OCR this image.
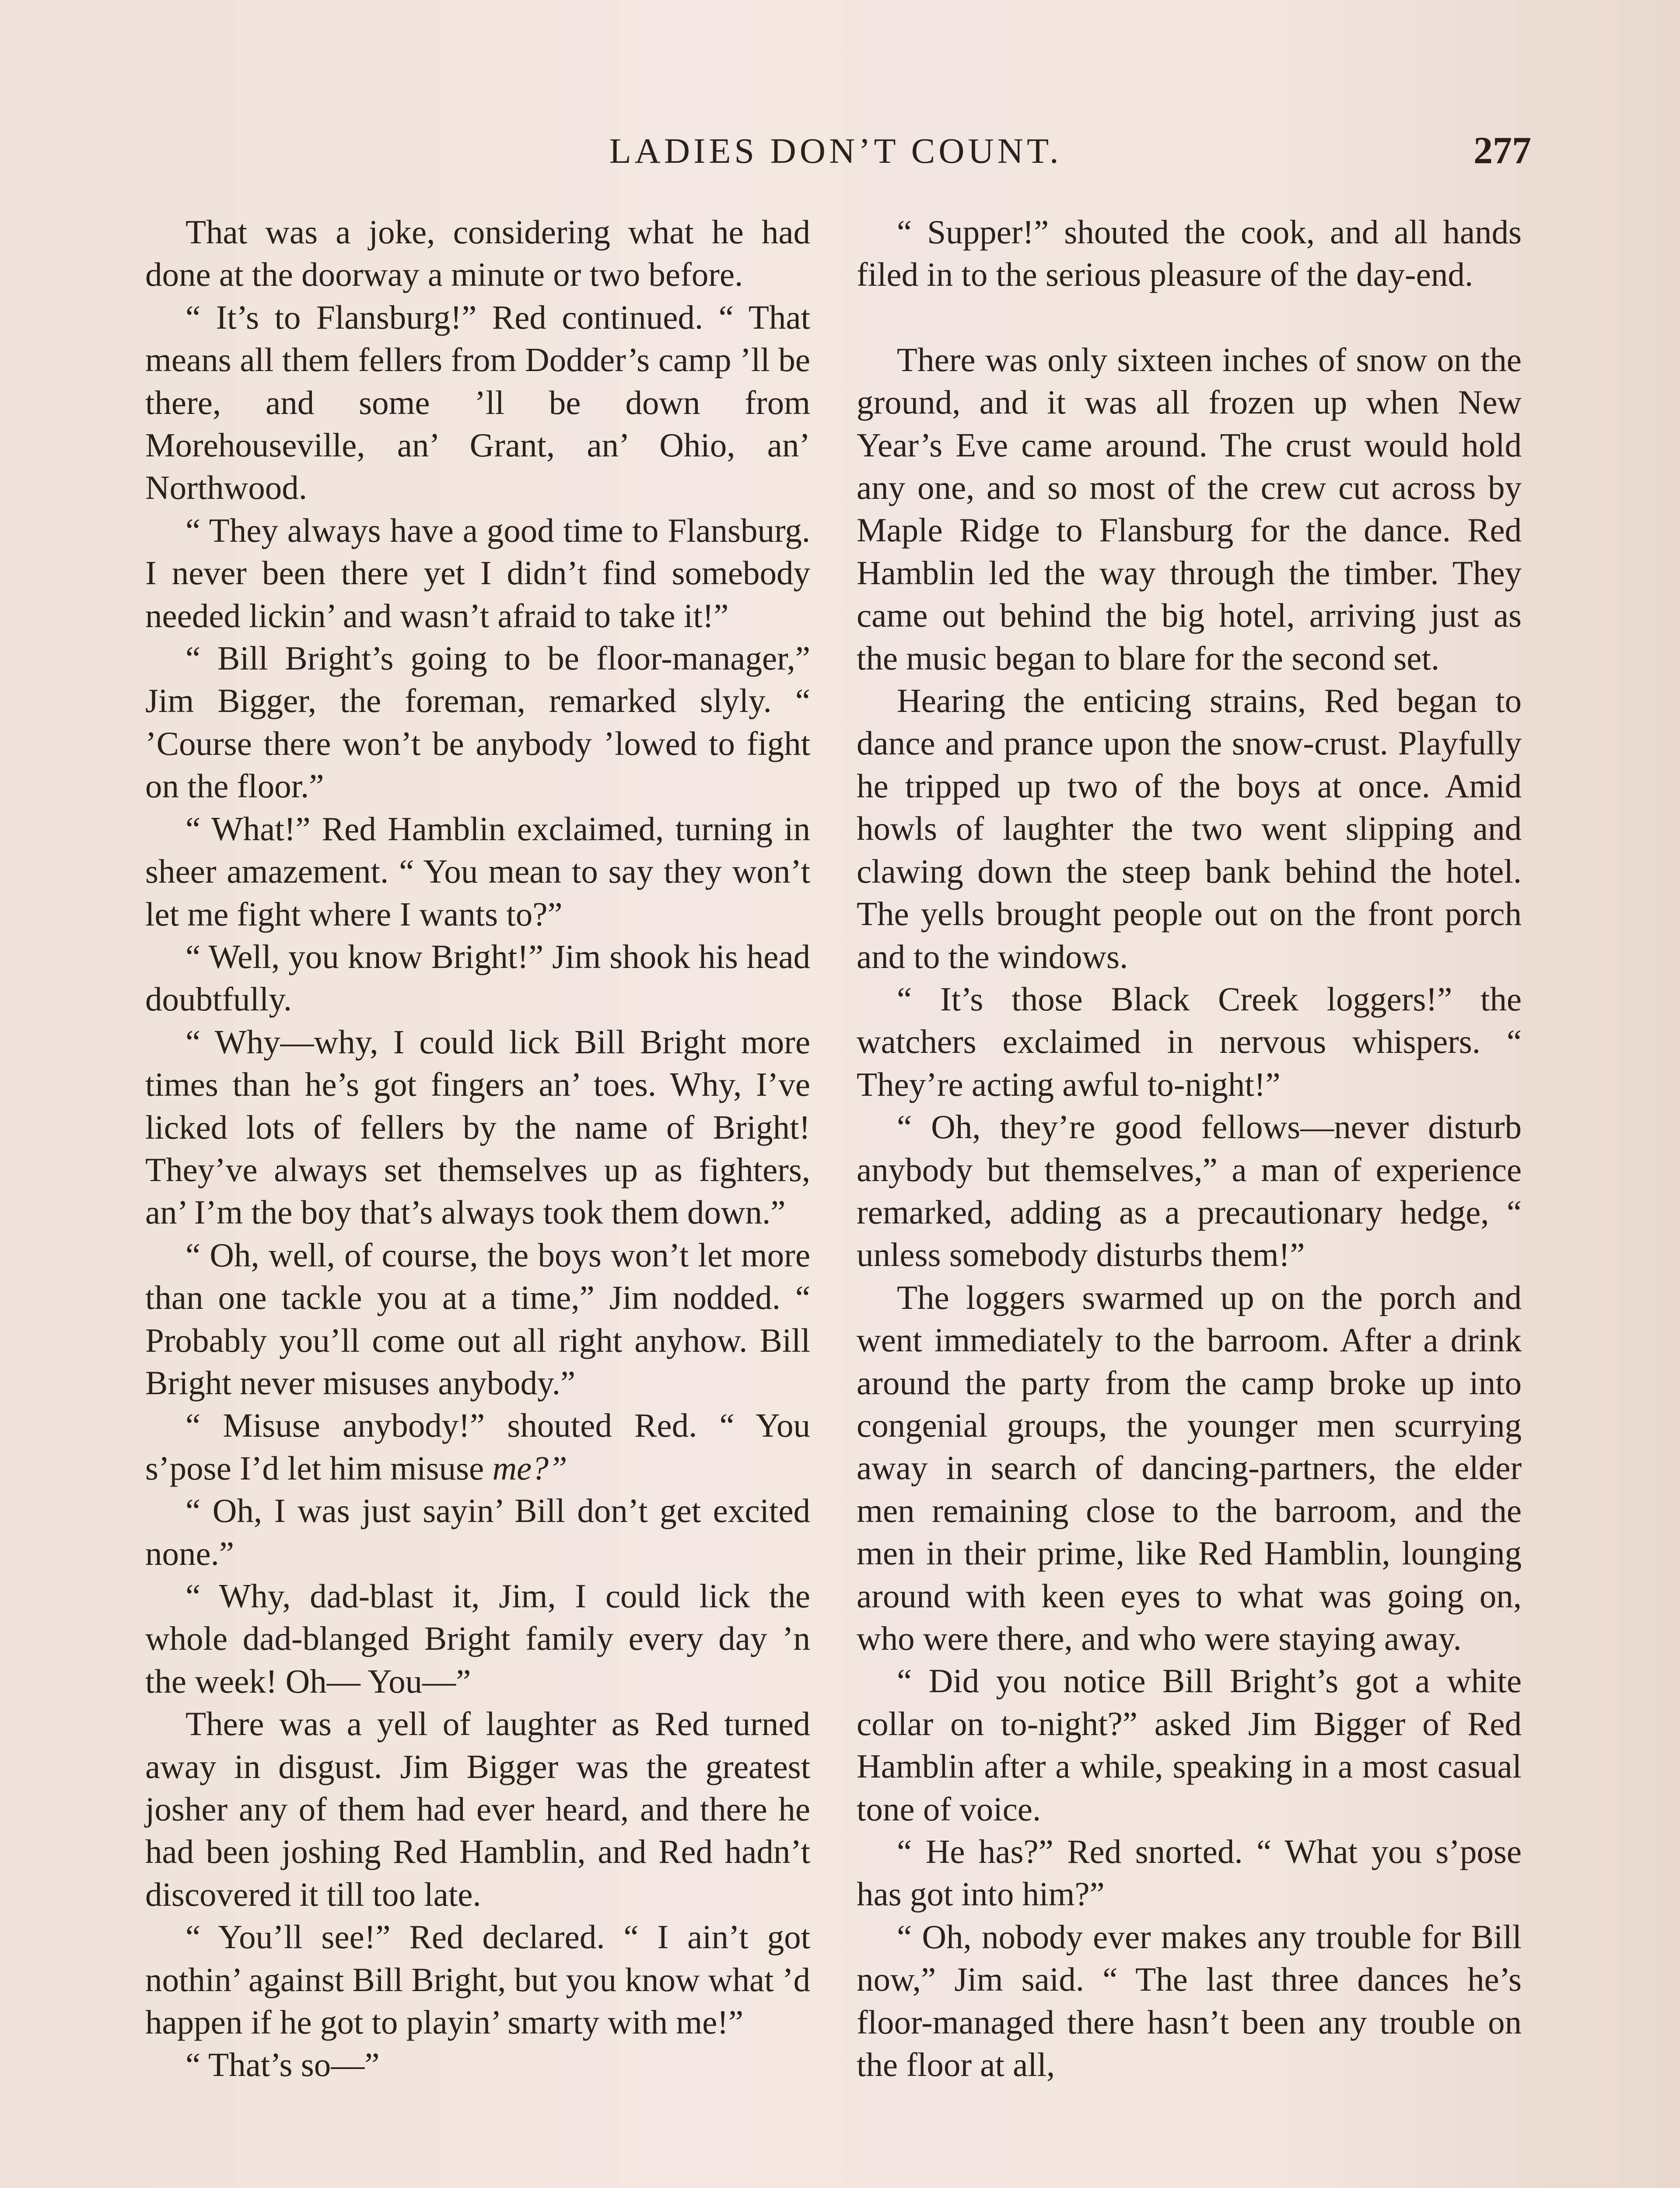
LADIES DON’T COUNT.	277

That was a joke, considering what he had done at the doorway a minute or two before.

“ It’s to Flansburg!” Red continued. “ That means all them fellers from Dodder’s camp ’ll be there, and some ’ll be down from Morehouseville, an’ Grant, an’ Ohio, an’ Northwood.

“ They always have a good time to Flansburg. I never been there yet I didn’t find somebody needed lickin’ and wasn’t afraid to take it!”

“ Bill Bright’s going to be floor-manager,” Jim Bigger, the foreman, remarked slyly. “ ’Course there won’t be anybody ’lowed to fight on the floor.”

“ What!” Red Hamblin exclaimed, turning in sheer amazement. “ You mean to say they won’t let me fight where I wants to?”

“ Well, you know Bright!” Jim shook his head doubtfully.

“ Why—why, I could lick Bill Bright more times than he’s got fingers an’ toes. Why, I’ve licked lots of fellers by the name of Bright! They’ve always set themselves up as fighters, an’ I’m the boy that’s always took them down.”

“ Oh, well, of course, the boys won’t let more than one tackle you at a time,” Jim nodded. “ Probably you’ll come out all right anyhow. Bill Bright never misuses anybody.”

“ Misuse anybody!” shouted Red. “ You s’pose I’d let him misuse me?”

“ Oh, I was just sayin’ Bill don’t get excited none.”

“ Why, dad-blast it, Jim, I could lick the whole dad-blanged Bright family every day ’n the week! Oh— You—”

There was a yell of laughter as Red turned away in disgust. Jim Bigger was the greatest josher any of them had ever heard, and there he had been joshing Red Hamblin, and Red hadn’t discovered it till too late.

“ You’ll see!” Red declared. “ I ain’t got nothin’ against Bill Bright, but you know what ’d happen if he got to playin’ smarty with me!”

“ That’s so—”

“ Supper!” shouted the cook, and all hands filed in to the serious pleasure of the day-end.

There was only sixteen inches of snow on the ground, and it was all frozen up when New Year’s Eve came around. The crust would hold any one, and so most of the crew cut across by Maple Ridge to Flansburg for the dance. Red Hamblin led the way through the timber. They came out behind the big hotel, arriving just as the music began to blare for the second set.

Hearing the enticing strains, Red began to dance and prance upon the snow-crust. Playfully he tripped up two of the boys at once. Amid howls of laughter the two went slipping and clawing down the steep bank behind the hotel. The yells brought people out on the front porch and to the windows.

“ It’s those Black Creek loggers!” the watchers exclaimed in nervous whispers. “ They’re acting awful to-night!”

“ Oh, they’re good fellows—never disturb anybody but themselves,” a man of experience remarked, adding as a precautionary hedge, “ unless somebody disturbs them!”

The loggers swarmed up on the porch and went immediately to the barroom. After a drink around the party from the camp broke up into congenial groups, the younger men scurrying away in search of dancing-partners, the elder men remaining close to the barroom, and the men in their prime, like Red Hamblin, lounging around with keen eyes to what was going on, who were there, and who were staying away.

“ Did you notice Bill Bright’s got a white collar on to-night?” asked Jim Bigger of Red Hamblin after a while, speaking in a most casual tone of voice.

“ He has?” Red snorted. “ What you s’pose has got into him?”

“ Oh, nobody ever makes any trouble for Bill now,” Jim said. “ The last three dances he’s floor-managed there hasn’t been any trouble on the floor at all,
